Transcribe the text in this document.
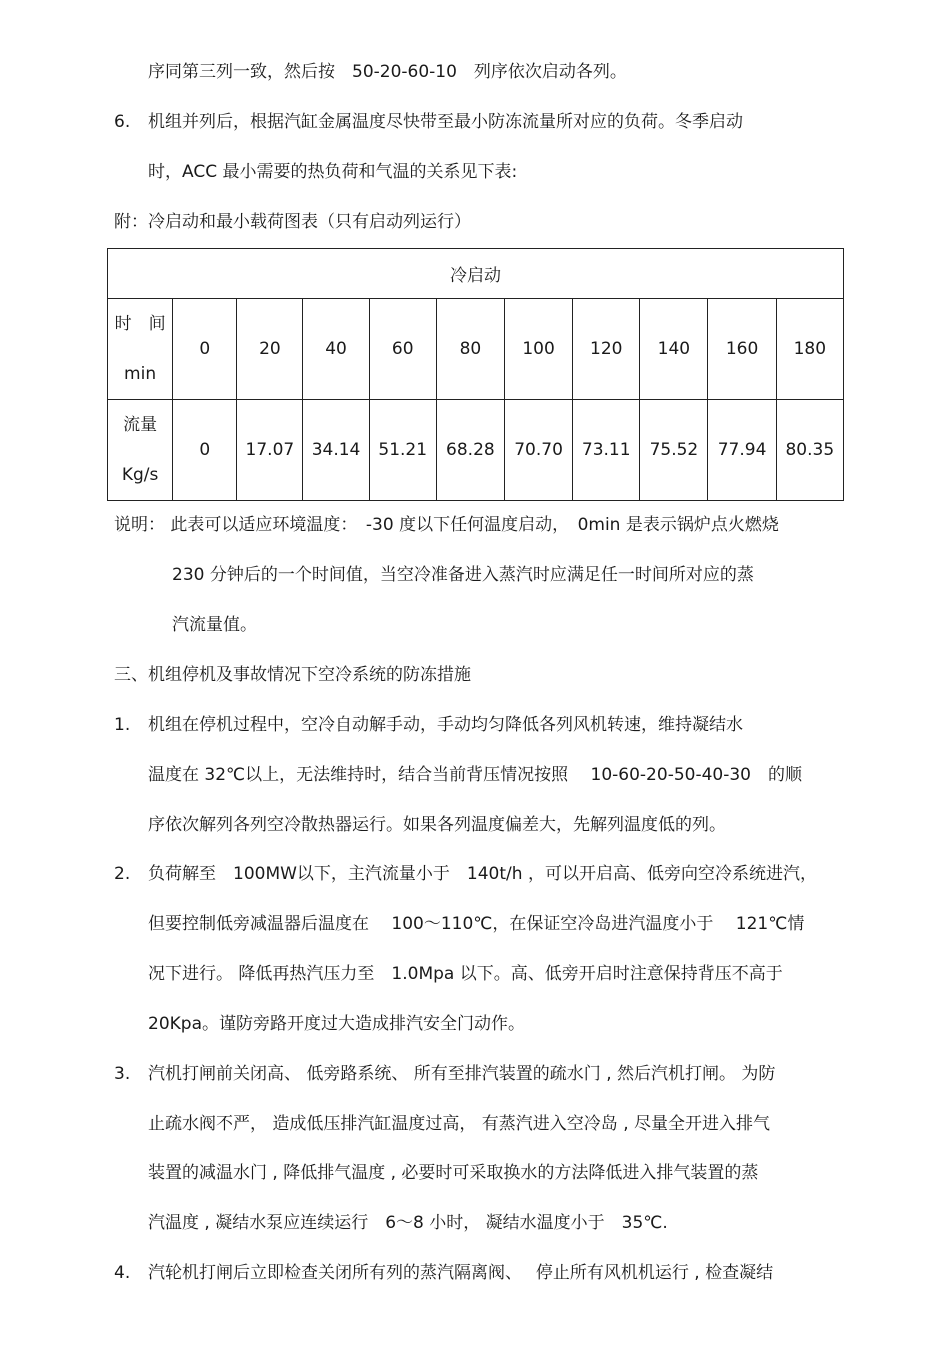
序同第三列一致，然后按　50-20-60-10　列序依次启动各列。
6. 机组并列后，根据汽缸金属温度尽快带至最小防冻流量所对应的负荷。冬季启动
时，ACC 最小需要的热负荷和气温的关系见下表:
附：冷启动和最小载荷图表（只有启动列运行）
冷启动										

时　间
min	0	20	40	60	80	100	120	140	160	180

流量
Kg/s	0	17.07	34.14	51.21	68.28	70.70	73.11	75.52	77.94	80.35
说明： 此表可以适应环境温度：　-30 度以下任何温度启动，　0min 是表示锅炉点火燃烧
230 分钟后的一个时间值，当空冷准备进入蒸汽时应满足任一时间所对应的蒸
汽流量值。
三、机组停机及事故情况下空冷系统的防冻措施
1. 机组在停机过程中，空冷自动解手动，手动均匀降低各列风机转速，维持凝结水
温度在 32℃以上，无法维持时，结合当前背压情况按照　 10-60-20-50-40-30　的顺
序依次解列各列空冷散热器运行。如果各列温度偏差大，先解列温度低的列。
2. 负荷解至　100MW以下，主汽流量小于　140t/h ，可以开启高、低旁向空冷系统进汽，
但要控制低旁减温器后温度在　 100～110℃，在保证空冷岛进汽温度小于　 121℃情
况下进行。 降低再热汽压力至　1.0Mpa 以下。高、低旁开启时注意保持背压不高于
20Kpa。谨防旁路开度过大造成排汽安全门动作。
3. 汽机打闸前关闭高、 低旁路系统、 所有至排汽装置的疏水门 , 然后汽机打闸。 为防
止疏水阀不严， 造成低压排汽缸温度过高， 有蒸汽进入空冷岛 , 尽量全开进入排气
装置的减温水门 , 降低排气温度 , 必要时可采取换水的方法降低进入排气装置的蒸
汽温度 , 凝结水泵应连续运行　6～8 小时， 凝结水温度小于　35℃.
4. 汽轮机打闸后立即检查关闭所有列的蒸汽隔离阀、　 停止所有风机机运行 , 检查凝结
